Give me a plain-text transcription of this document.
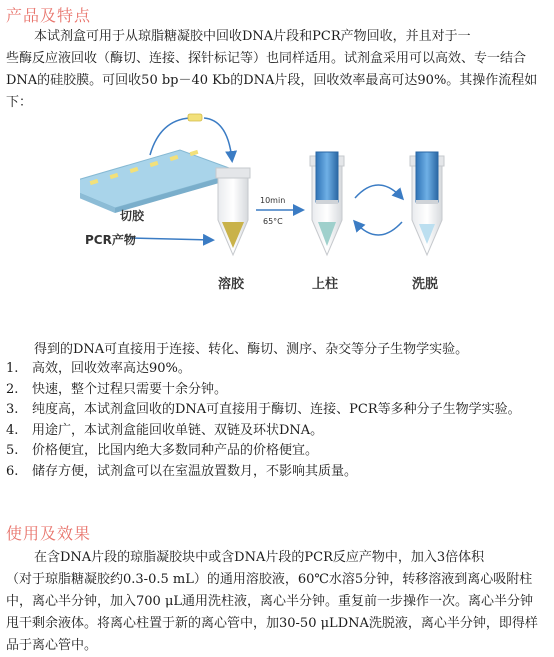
产品及特点

本试剂盒可用于从琼脂糖凝胶中回收DNA片段和PCR产物回收，并且对于一
些酶反应液回收（酶切、连接、探针标记等）也同样适用。试剂盒采用可以高效、专一结合DNA的硅胶膜。可回收50 bp－40 Kb的DNA片段，回收效率最高可达90%。其操作流程如下：

10min
65°C
切胶
PCR产物
溶胶	上柱	洗脱
得到的DNA可直接用于连接、转化、酶切、测序、杂交等分子生物学实验。
1.	高效，回收效率高达90%。
2.	快速，整个过程只需要十余分钟。
3.	纯度高，本试剂盒回收的DNA可直接用于酶切、连接、PCR等多种分子生物学实验。
4.	用途广，本试剂盒能回收单链、双链及环状DNA。
5.	价格便宜，比国内绝大多数同种产品的价格便宜。
6.	储存方便，试剂盒可以在室温放置数月，不影响其质量。
使用及效果

在含DNA片段的琼脂凝胶块中或含DNA片段的PCR反应产物中，加入3倍体积
（对于琼脂糖凝胶约0.3-0.5 mL）的通用溶胶液，60℃水溶5分钟，转移溶液到离心吸附柱中，离心半分钟，加入700 μL通用洗柱液，离心半分钟。重复前一步操作一次。离心半分钟甩干剩余液体。将离心柱置于新的离心管中，加30-50 μLDNA洗脱液，离心半分钟，即得样品于离心管中。
